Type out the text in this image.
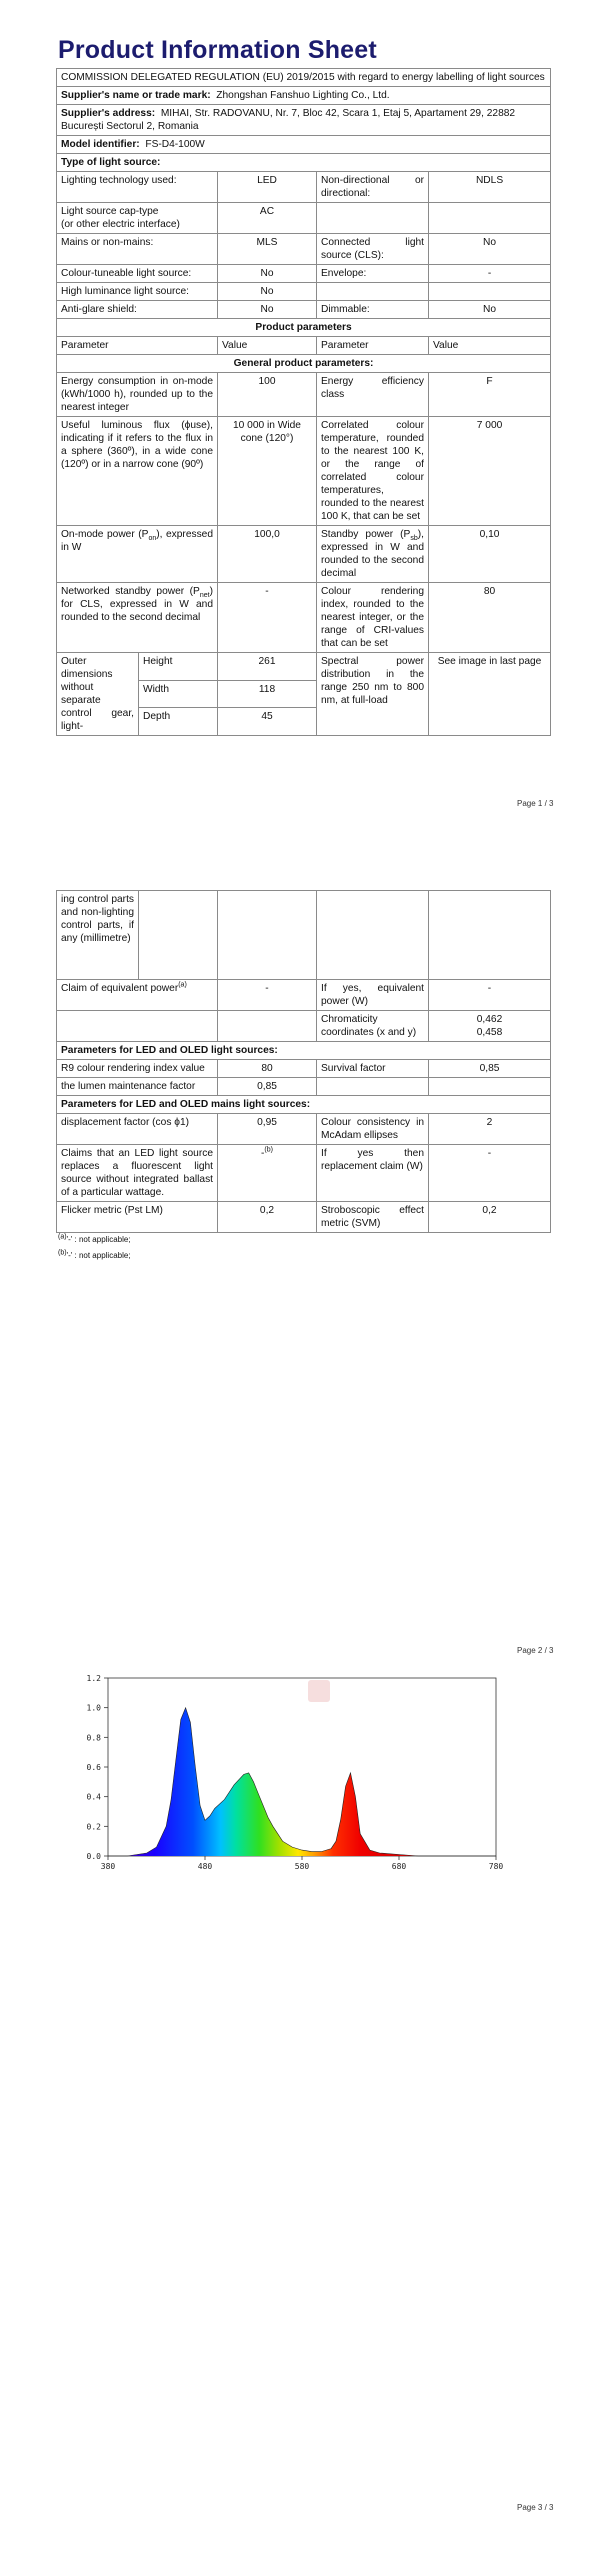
Product Information Sheet
COMMISSION DELEGATED REGULATION (EU) 2019/2015 with regard to energy labelling of light sources				
Supplier's name or trade mark: Zhongshan Fanshuo Lighting Co., Ltd.				
Supplier's address: MIHAI, Str. RADOVANU, Nr. 7, Bloc 42, Scara 1, Etaj 5, Apartament 29, 22882 București Sectorul 2, Romania				
Model identifier: FS-D4-100W				
Type of light source:				
Lighting technology used:		LED	Non-directional or directional:	NDLS

Light source cap-type
(or other electric interface)		AC		
Mains or non-mains:		MLS	Connected light source (CLS):	No
Colour-tuneable light source:		No	Envelope:	-
High luminance light source:		No		
Anti-glare shield:		No	Dimmable:	No
Product parameters				
Parameter		Value	Parameter	Value
General product parameters:				
Energy consumption in on-mode (kWh/1000 h), rounded up to the nearest integer		100	Energy efficiency class	F
Useful luminous flux (ϕuse), indicating if it refers to the flux in a sphere (360º), in a wide cone (120º) or in a narrow cone (90º)		10 000 in Wide cone (120°)	Correlated colour temperature, rounded to the nearest 100 K, or the range of correlated colour temperatures, rounded to the nearest 100 K, that can be set	7 000
On-mode power $(P_{on})$, expressed in W		100,0	Standby power $(P_{sb})$, expressed in W and rounded to the second decimal	0,10
Networked standby power $(P_{net})$ for CLS, expressed in W and rounded to the second decimal		-	Colour rendering index, rounded to the nearest integer, or the range of CRI-values that can be set	80
Outer dimensions without separate control gear, light-	Height	261	Spectral power distribution in the range 250 nm to 800 nm, at full-load	See image in last page
	Width	118		
	Depth	45		
Page 1 / 3
ing control parts and non-lighting control parts, if any (millimetre)				
Claim of equivalent power$^{(a)}$		-	If yes, equivalent power (W)	-
			Chromaticity coordinates (x and y)	0,462
0,458

Parameters for LED and OLED light sources:				
R9 colour rendering index value		80	Survival factor	0,85
the lumen maintenance factor		0,85		
Parameters for LED and OLED mains light sources:				
displacement factor (cos ϕ1)		0,95	Colour consistency in McAdam ellipses	2
Claims that an LED light source replaces a fluorescent light source without integrated ballast of a particular wattage.		-$^{(b)}$	If yes then replacement claim (W)	-
Flicker metric (Pst LM)		0,2	Stroboscopic effect metric (SVM)	0,2
$^{(a)}$'-' : not applicable;
$^{(b)}$'-' : not applicable;
Page 2 / 3
0.0
0.2
0.4
0.6
0.8
1.0
1.2
380	480	580	680	780
Page 3 / 3
